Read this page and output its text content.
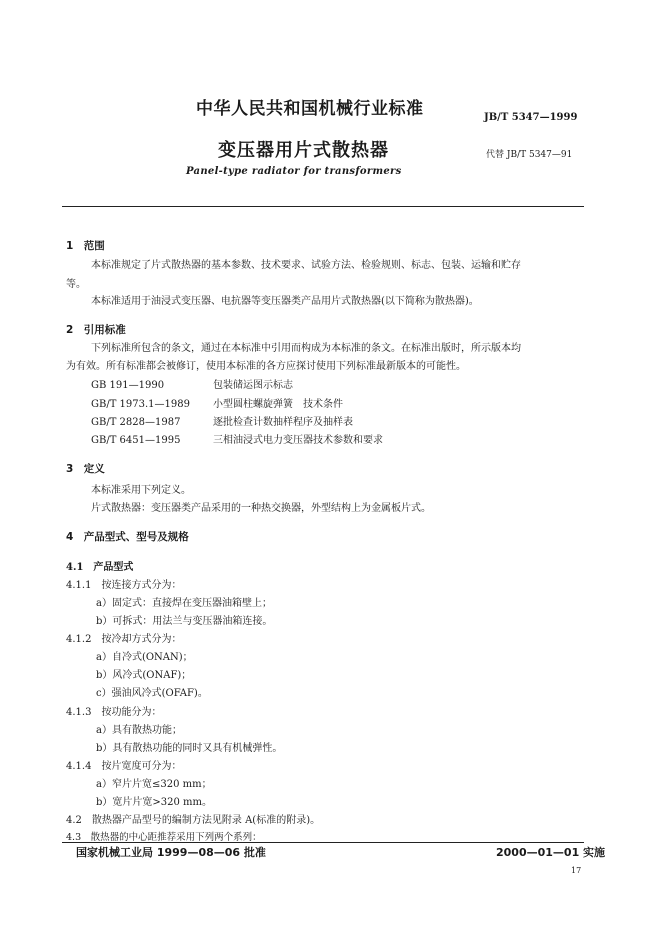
中华人民共和国机械行业标准	JB/T 5347—1999
变压器用片式散热器	代替 JB/T 5347—91
Panel-type radiator for transformers
1　范围
本标准规定了片式散热器的基本参数、技术要求、试验方法、检验规则、标志、包装、运输和贮存
等。
本标准适用于油浸式变压器、电抗器等变压器类产品用片式散热器(以下简称为散热器)。
2　引用标准
下列标准所包含的条文，通过在本标准中引用而构成为本标准的条文。在标准出版时，所示版本均
为有效。所有标准都会被修订，使用本标准的各方应探讨使用下列标准最新版本的可能性。
GB 191—1990	包装储运图示标志
GB/T 1973.1—1989 小型圆柱螺旋弹簧　技术条件
GB/T 2828—1987	逐批检查计数抽样程序及抽样表
GB/T 6451—1995	三相油浸式电力变压器技术参数和要求
3　定义
本标准采用下列定义。
片式散热器：变压器类产品采用的一种热交换器，外型结构上为金属板片式。
4　产品型式、型号及规格
4.1　产品型式
4.1.1　按连接方式分为：
a）固定式：直接焊在变压器油箱壁上；
b）可拆式：用法兰与变压器油箱连接。
4.1.2　按冷却方式分为：
a）自冷式(ONAN)；
b）风冷式(ONAF)；
c）强油风冷式(OFAF)。
4.1.3　按功能分为：
a）具有散热功能；
b）具有散热功能的同时又具有机械弹性。
4.1.4　按片宽度可分为：
a）窄片片宽≤320 mm；
b）宽片片宽>320 mm。
4.2　散热器产品型号的编制方法见附录 A(标准的附录)。
4.3　散热器的中心距推荐采用下列两个系列：
国家机械工业局 1999—08—06 批准	2000—01—01 实施
17
